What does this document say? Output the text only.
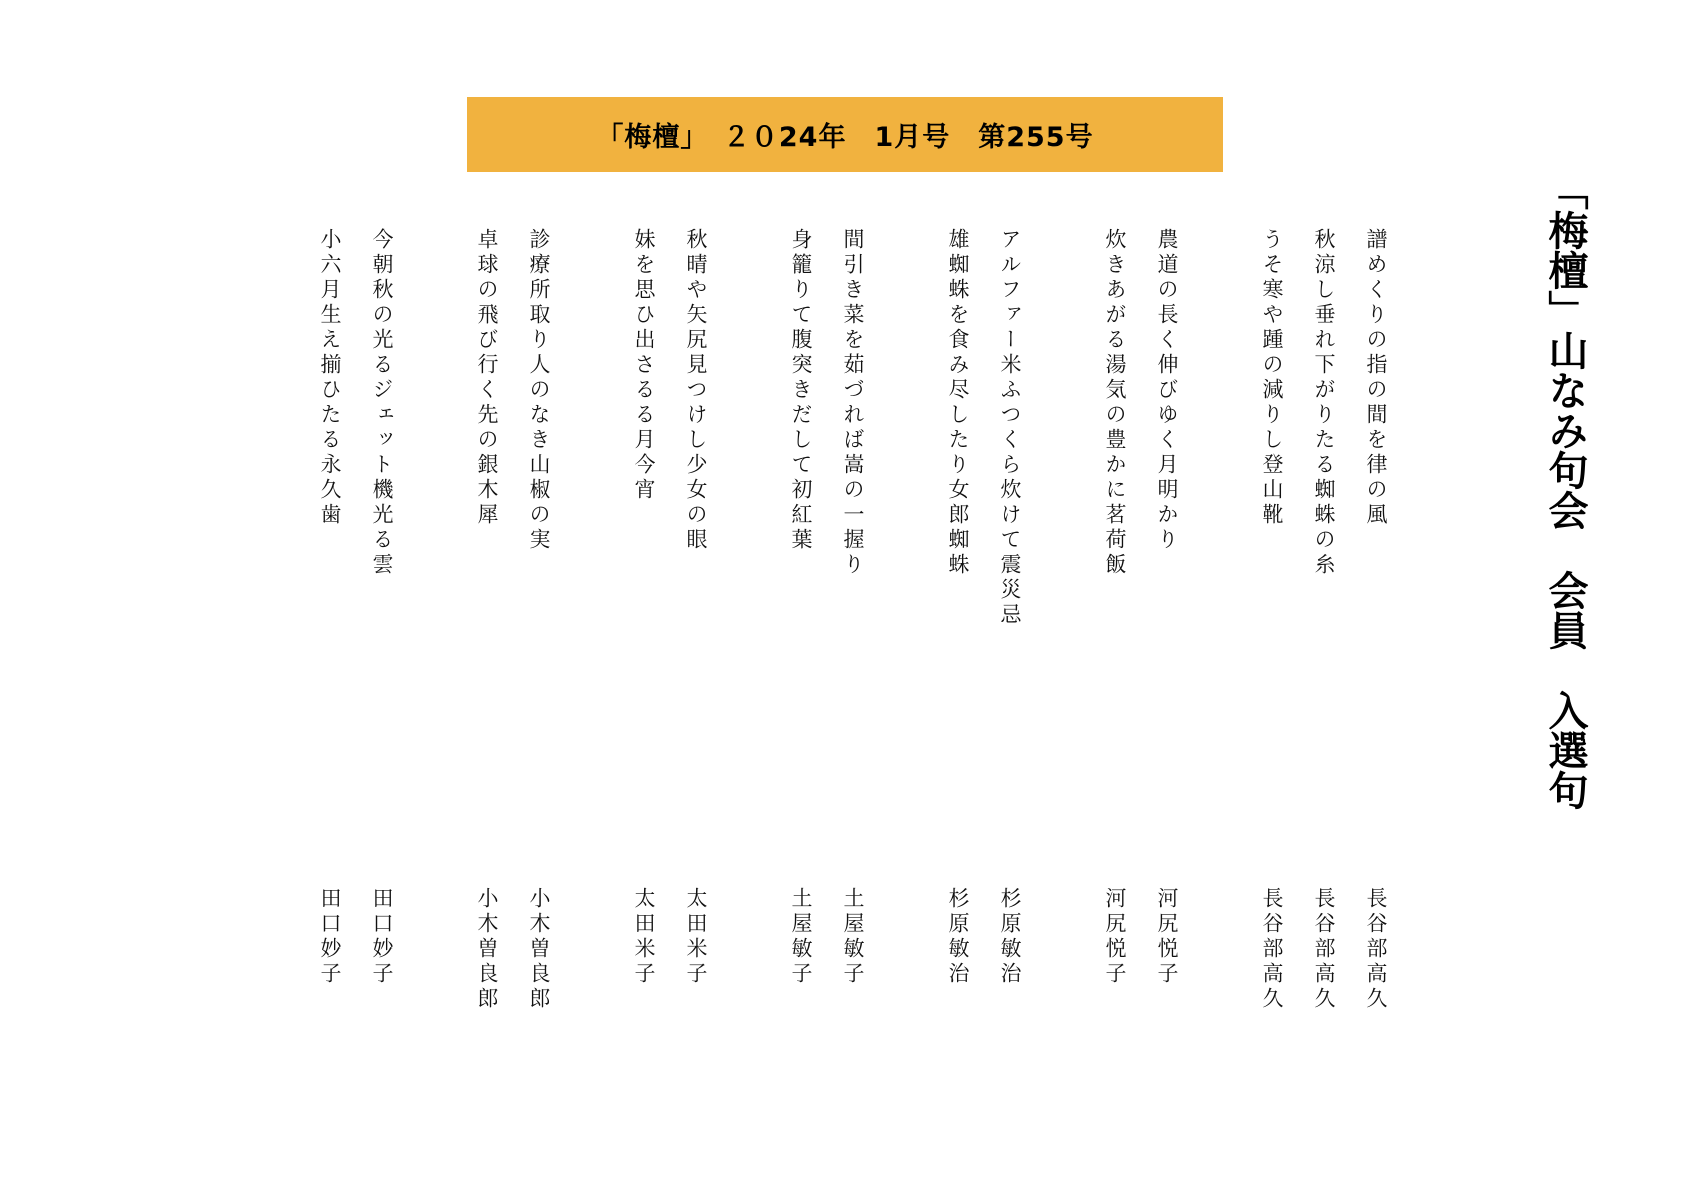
「梅檀」　２０24年　1月号　第255号
「梅檀」山なみ句会　会員　入選句
譜めくりの指の間を律の風
長谷部高久
秋涼し垂れ下がりたる蜘蛛の糸
長谷部高久
うそ寒や踵の減りし登山靴
長谷部高久
農道の長く伸びゆく月明かり
河尻悦子
炊きあがる湯気の豊かに茗荷飯
河尻悦子
アルファー米ふつくら炊けて震災忌
杉原敏治
雄蜘蛛を食み尽したり女郎蜘蛛
杉原敏治
間引き菜を茹づれば嵩の一握り
土屋敏子
身籠りて腹突きだして初紅葉
土屋敏子
秋晴や矢尻見つけし少女の眼
太田米子
妹を思ひ出さるる月今宵
太田米子
診療所取り人のなき山椒の実
小木曽良郎
卓球の飛び行く先の銀木犀
小木曽良郎
今朝秋の光るジェット機光る雲
田口妙子
小六月生え揃ひたる永久歯
田口妙子
